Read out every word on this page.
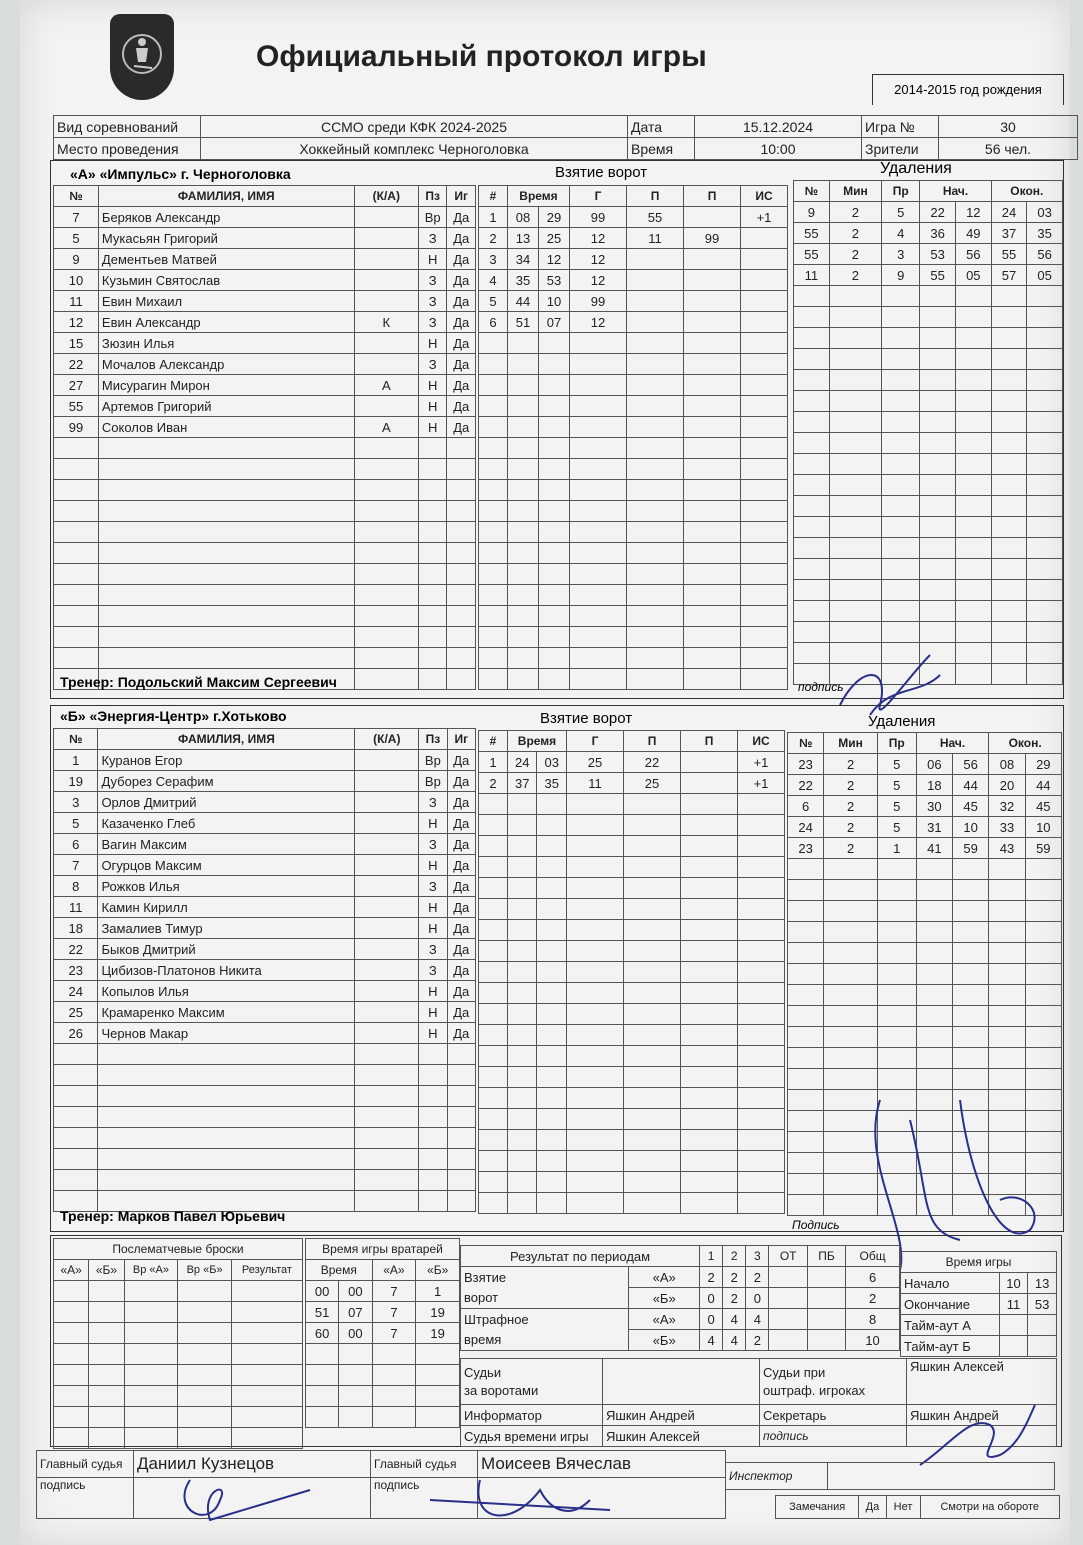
Официальный протокол игры
2014-2015 год рождения
Вид соревнований	ССМО среди КФК 2024-2025	Дата	15.12.2024	Игра №	30
Место проведения	Хоккейный комплекс Черноголовка	Время	10:00	Зрители	56 чел.
«А» «Импульс» г. Черноголовка	Взятие ворот	Удаления
№	ФАМИЛИЯ, ИМЯ	(К/А)	Пз	Иг
7	Беряков Александр		Вр	Да
5	Мукасьян Григорий		З	Да
9	Дементьев Матвей		Н	Да
10	Кузьмин Святослав		З	Да
11	Евин Михаил		З	Да
12	Евин Александр	К	З	Да
15	Зюзин Илья		Н	Да
22	Мочалов Александр		З	Да
27	Мисурагин Мирон	А	Н	Да
55	Артемов Григорий		Н	Да
99	Соколов Иван	А	Н	Да

#	Время		Г	П	П	ИС
1	08	29	99	55		+1
2	13	25	12	11	99	
3	34	12	12			
4	35	53	12			
5	44	10	99			
6	51	07	12			

№	Мин	Пр	Нач.		Окон.	
9	2	5	22	12	24	03
55	2	4	36	49	37	35
55	2	3	53	56	55	56
11	2	9	55	05	57	05

Тренер: Подольский Максим Сергеевич	подпись
«Б» «Энергия-Центр» г.Хотьково	Взятие ворот	Удаления
№	ФАМИЛИЯ, ИМЯ	(К/А)	Пз	Иг
1	Куранов Егор		Вр	Да
19	Дуборез Серафим		Вр	Да
3	Орлов Дмитрий		З	Да
5	Казаченко Глеб		Н	Да
6	Вагин Максим		З	Да
7	Огурцов Максим		Н	Да
8	Рожков Илья		З	Да
11	Камин Кирилл		Н	Да
18	Замалиев Тимур		Н	Да
22	Быков Дмитрий		З	Да
23	Цибизов-Платонов Никита		З	Да
24	Копылов Илья		Н	Да
25	Крамаренко Максим		Н	Да
26	Чернов Макар		Н	Да

#	Время		Г	П	П	ИС
1	24	03	25	22		+1
2	37	35	11	25		+1

№	Мин	Пр	Нач.		Окон.	
23	2	5	06	56	08	29
22	2	5	18	44	20	44
6	2	5	30	45	32	45
24	2	5	31	10	33	10
23	2	1	41	59	43	59

Тренер: Марков Павел Юрьевич
Подпись
Послематчевые броски				
«А»	«Б»	Вр «А»	Вр «Б»	Результат

Время игры вратарей			
Время		«А»	«Б»
00	00	7	1
51	07	7	19
60	00	7	19

Результат по периодам		1	2	3	ОТ	ПБ	Общ
Взятие	«А»	2	2	2			6
ворот	«Б»	0	2	0			2
Штрафное	«А»	0	4	4			8
время	«Б»	4	4	2			10
Время игры		
Начало	10	13
Окончание	11	53
Тайм-аут А		
Тайм-аут Б		
Судьи
за воротами		Судьи при
оштраф. игроках	Яшкин Алексей
Информатор	Яшкин Андрей	Секретарь	Яшкин Андрей
Судья времени игры	Яшкин Алексей	подпись	
Главный судья	Даниил Кузнецов	Главный судья	Моисеев Вячеслав
подпись		подпись	
Инспектор	
Замечания	Да	Нет	Смотри на обороте
